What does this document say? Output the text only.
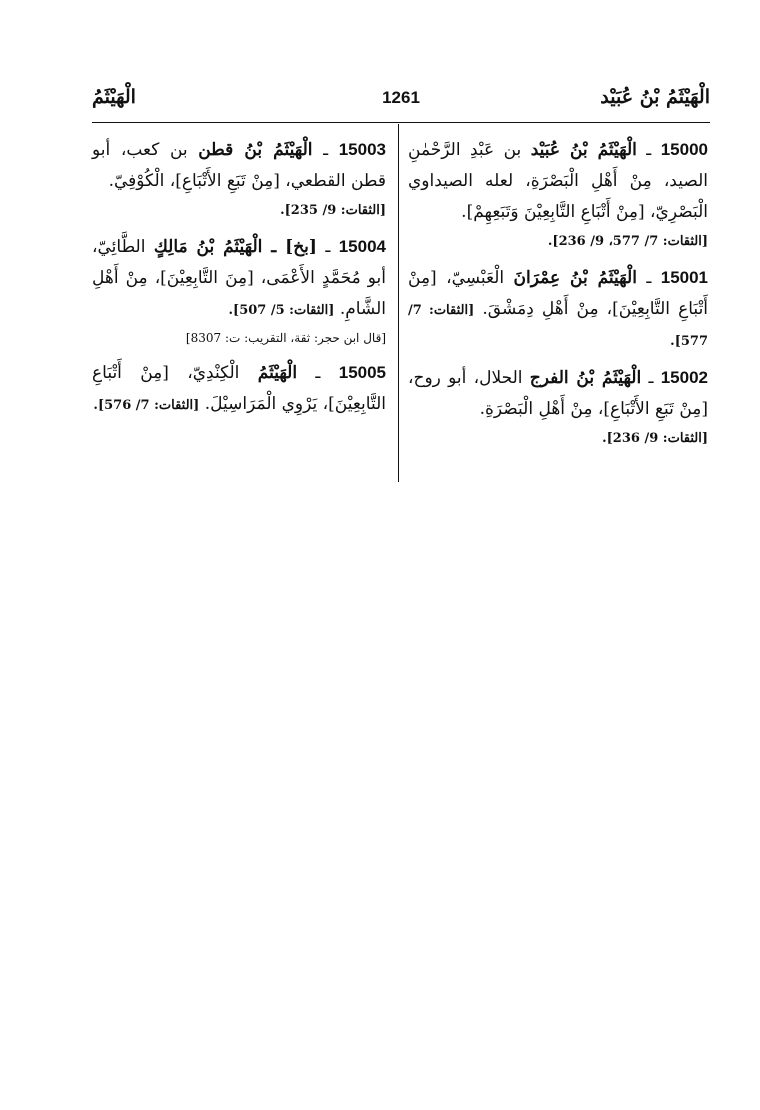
الْهَيْثَمُ بْنُ عُبَيْد
1261
الْهَيْثَمُ

15000 ـ الْهَيْثَمُ بْنُ عُبَيْد بن عَبْدِ الرَّحْمٰنِ الصيد، مِنْ أَهْلِ الْبَصْرَةِ، لعله الصيداوي الْبَصْرِيّ، [مِنْ أَتْبَاعِ التَّابِعِيْنَ وَتَبَعِهِمْ].
[الثقات: 7/ 577، 9/ 236].

15001 ـ الْهَيْثَمُ بْنُ عِمْرَانَ الْعَبْسِيّ، [مِنْ أَتْبَاعِ التَّابِعِيْنَ]، مِنْ أَهْلِ دِمَشْقَ. [الثقات: 7/ 577].

15002 ـ الْهَيْثَمُ بْنُ الفرج الحلال، أبو روح، [مِنْ تَبَعِ الأَتْبَاعِ]، مِنْ أَهْلِ الْبَصْرَةِ.
[الثقات: 9/ 236].

15003 ـ الْهَيْثَمُ بْنُ قطن بن كعب، أبو قطن القطعي، [مِنْ تَبَعِ الأَتْبَاعِ]، الْكُوْفِيّ.
[الثقات: 9/ 235].

15004 ـ [بخ] ـ الْهَيْثَمُ بْنُ مَالِكٍ الطَّائِيّ، أبو مُحَمَّدٍ الأَعْمَى، [مِنَ التَّابِعِيْنَ]، مِنْ أَهْلِ الشَّامِ. [الثقات: 5/ 507].
[قال ابن حجر: ثقة، التقريب: ت: 8307]

15005 ـ الْهَيْثَمُ الْكِنْدِيّ، [مِنْ أَتْبَاعِ التَّابِعِيْنَ]، يَرْوِي الْمَرَاسِيْلَ. [الثقات: 7/ 576].
